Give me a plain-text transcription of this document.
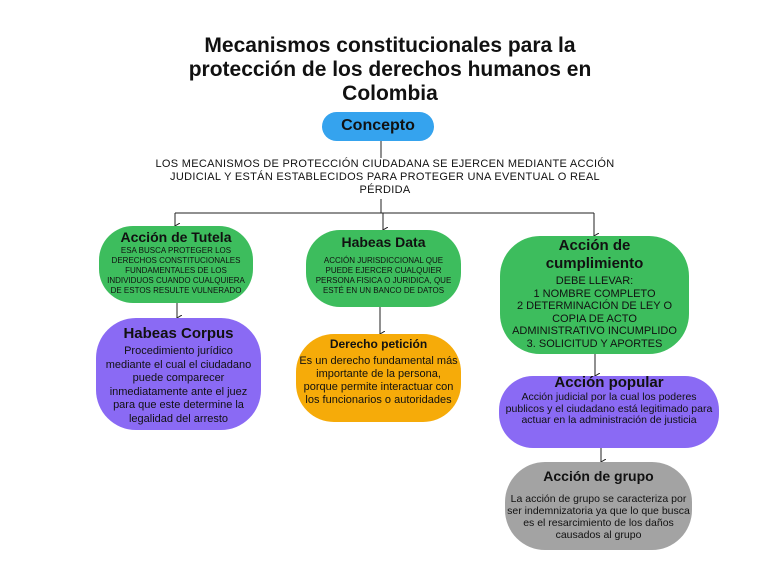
Mecanismos constitucionales para la protección de los derechos humanos en Colombia
Concepto
LOS MECANISMOS DE PROTECCIÓN CIUDADANA SE EJERCEN MEDIANTE ACCIÓN JUDICIAL Y ESTÁN ESTABLECIDOS PARA PROTEGER UNA EVENTUAL O REAL PÉRDIDA
Acción de Tutela
ESA BUSCA PROTEGER LOS DERECHOS CONSTITUCIONALES FUNDAMENTALES DE LOS INDIVIDUOS CUANDO CUALQUIERA DE ESTOS RESULTE VULNERADO
Habeas Corpus
Procedimiento jurídico mediante el cual el ciudadano puede comparecer inmediatamente ante el juez para que este determine la legalidad del arresto
Habeas Data
ACCIÓN JURISDICCIONAL QUE PUEDE EJERCER CUALQUIER PERSONA FISICA O JURIDICA, QUE ESTÉ EN UN BANCO DE DATOS
Derecho petición
Es un derecho fundamental más importante de la persona, porque permite interactuar con los funcionarios o autoridades
Acción de cumplimiento
DEBE LLEVAR:
1 NOMBRE COMPLETO
2 DETERMINACIÓN DE LEY O COPIA DE ACTO ADMINISTRATIVO INCUMPLIDO
3. SOLICITUD Y APORTES
Acción popular
Acción judicial por la cual los poderes publicos y el ciudadano está legitimado para actuar en la administración de justicia
Acción de grupo
La acción de grupo se caracteriza por ser indemnizatoria ya que lo que busca es el resarcimiento de los daños causados al grupo
